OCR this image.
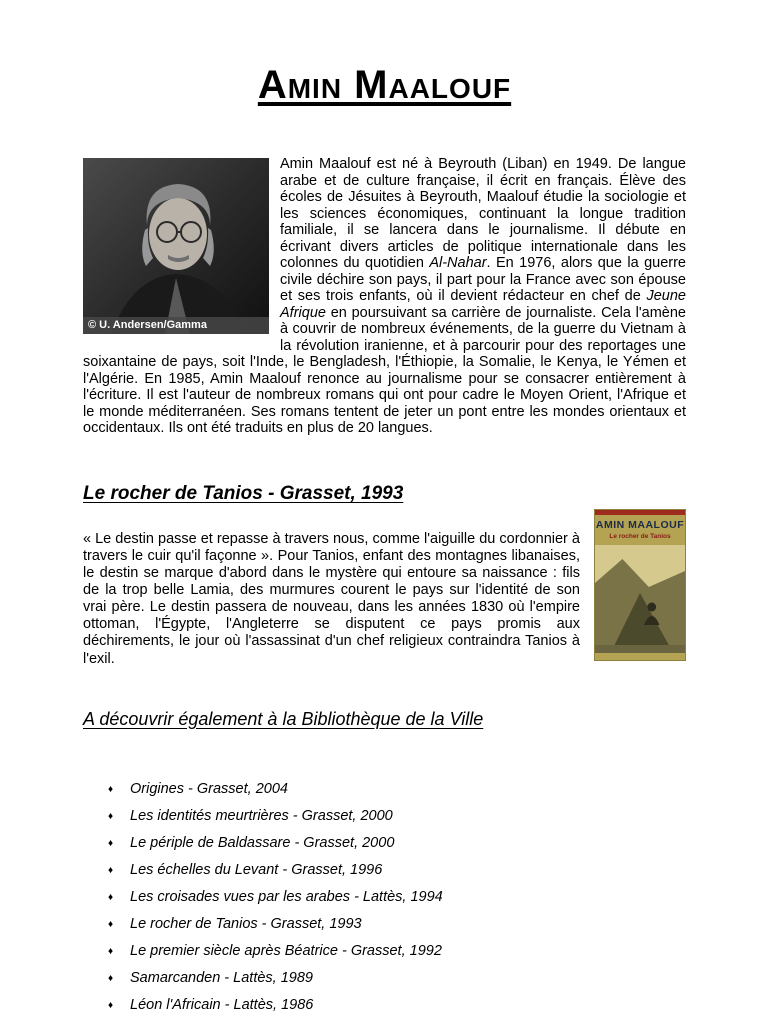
Amin Maalouf
© U. Andersen/Gamma
Amin Maalouf est né à Beyrouth (Liban) en 1949. De langue arabe et de culture française, il écrit en français. Élève des écoles de Jésuites à Beyrouth, Maalouf étudie la sociologie et les sciences économiques, continuant la longue tradition familiale, il se lancera dans le journalisme. Il débute en écrivant divers articles de politique internationale dans les colonnes du quotidien Al-Nahar. En 1976, alors que la guerre civile déchire son pays, il part pour la France avec son épouse et ses trois enfants, où il devient rédacteur en chef de Jeune Afrique en poursuivant sa carrière de journaliste. Cela l'amène à couvrir de nombreux événements, de la guerre du Vietnam à la révolution iranienne, et à parcourir pour des reportages une soixantaine de pays, soit l'Inde, le Bengladesh, l'Éthiopie, la Somalie, le Kenya, le Yémen et l'Algérie. En 1985, Amin Maalouf renonce au journalisme pour se consacrer entièrement à l'écriture. Il est l'auteur de nombreux romans qui ont pour cadre le Moyen Orient, l'Afrique et le monde méditerranéen. Ses romans tentent de jeter un pont entre les mondes orientaux et occidentaux. Ils ont été traduits en plus de 20 langues.
Le rocher de Tanios - Grasset, 1993
AMIN MAALOUF
Le rocher de Tanios
« Le destin passe et repasse à travers nous, comme l'aiguille du cordonnier à travers le cuir qu'il façonne ». Pour Tanios, enfant des montagnes libanaises, le destin se marque d'abord dans le mystère qui entoure sa naissance : fils de la trop belle Lamia, des murmures courent le pays sur l'identité de son vrai père. Le destin passera de nouveau, dans les années 1830 où l'empire ottoman, l'Égypte, l'Angleterre se disputent ce pays promis aux déchirements, le jour où l'assassinat d'un chef religieux contraindra Tanios à l'exil.
A découvrir également à la Bibliothèque de la Ville
♦ Origines - Grasset, 2004
♦ Les identités meurtrières - Grasset, 2000
♦ Le périple de Baldassare - Grasset, 2000
♦ Les échelles du Levant - Grasset, 1996
♦ Les croisades vues par les arabes - Lattès, 1994
♦ Le rocher de Tanios - Grasset, 1993
♦ Le premier siècle après Béatrice - Grasset, 1992
♦ Samarcanden - Lattès, 1989
♦ Léon l'Africain - Lattès, 1986
